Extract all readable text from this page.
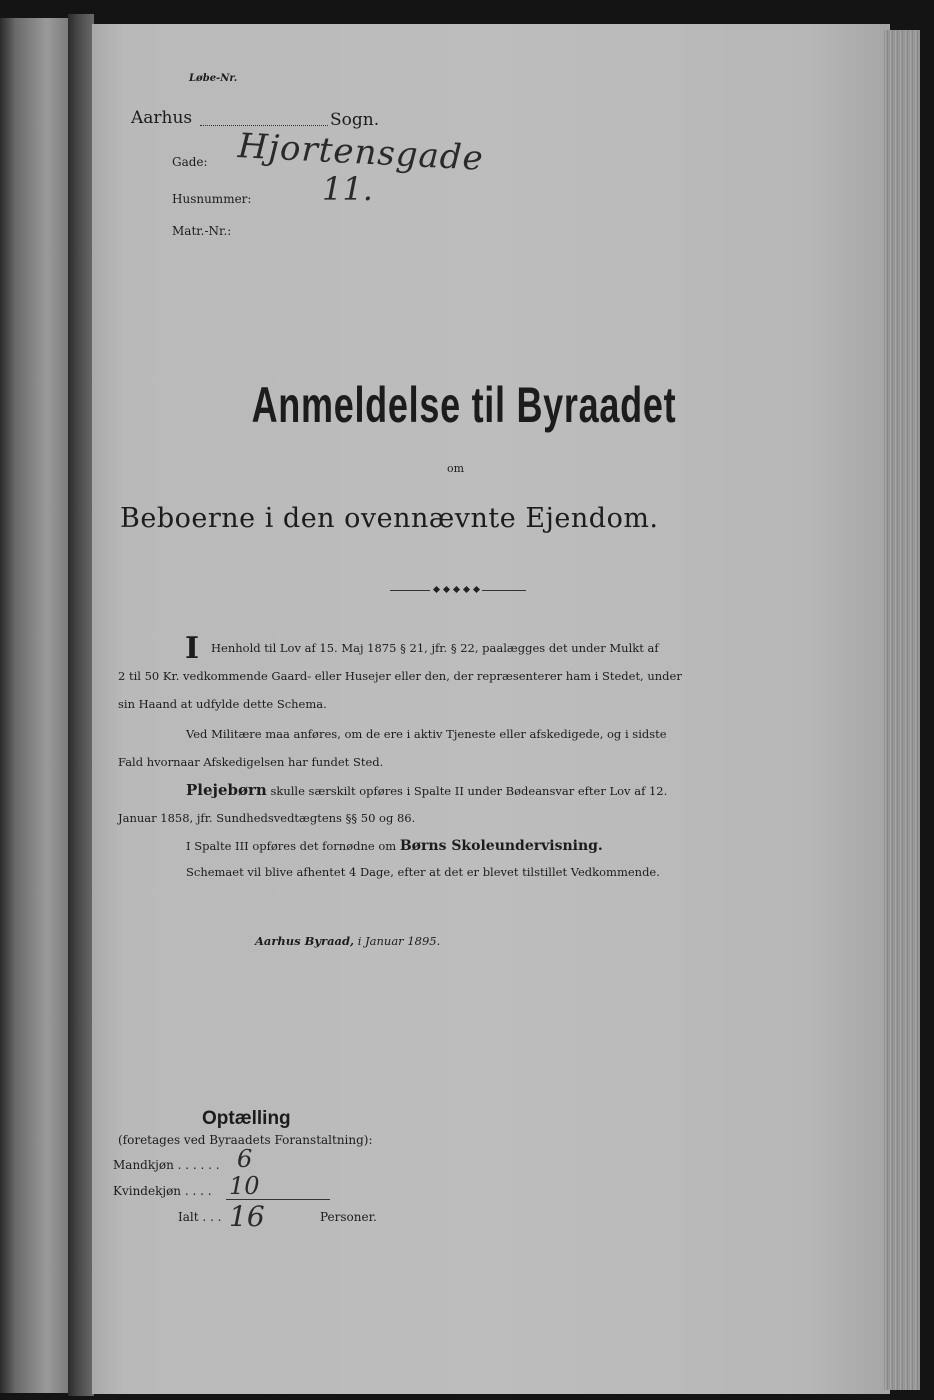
Løbe-Nr.
Aarhus	Sogn.
Gade: Hjortensgade
Husnummer: 11.
Matr.-Nr.:
Anmeldelse til Byraadet
om
Beboerne i den ovennævnte Ejendom.
I Henhold til Lov af 15. Maj 1875 § 21, jfr. § 22, paalægges det under Mulkt af
2 til 50 Kr. vedkommende Gaard- eller Husejer eller den, der repræsenterer ham i Stedet, under
sin Haand at udfylde dette Schema.
Ved Militære maa anføres, om de ere i aktiv Tjeneste eller afskedigede, og i sidste
Fald hvornaar Afskedigelsen har fundet Sted.
Plejebørn skulle særskilt opføres i Spalte II under Bødeansvar efter Lov af 12.
Januar 1858, jfr. Sundhedsvedtægtens §§ 50 og 86.
I Spalte III opføres det fornødne om Børns Skoleundervisning.
Schemaet vil blive afhentet 4 Dage, efter at det er blevet tilstillet Vedkommende.
Aarhus Byraad, i Januar 1895.
Optælling
(foretages ved Byraadets Foranstaltning):
Mandkjøn . . . . . . 6
Kvindekjøn . . . . 10
Ialt . . . 16	Personer.
